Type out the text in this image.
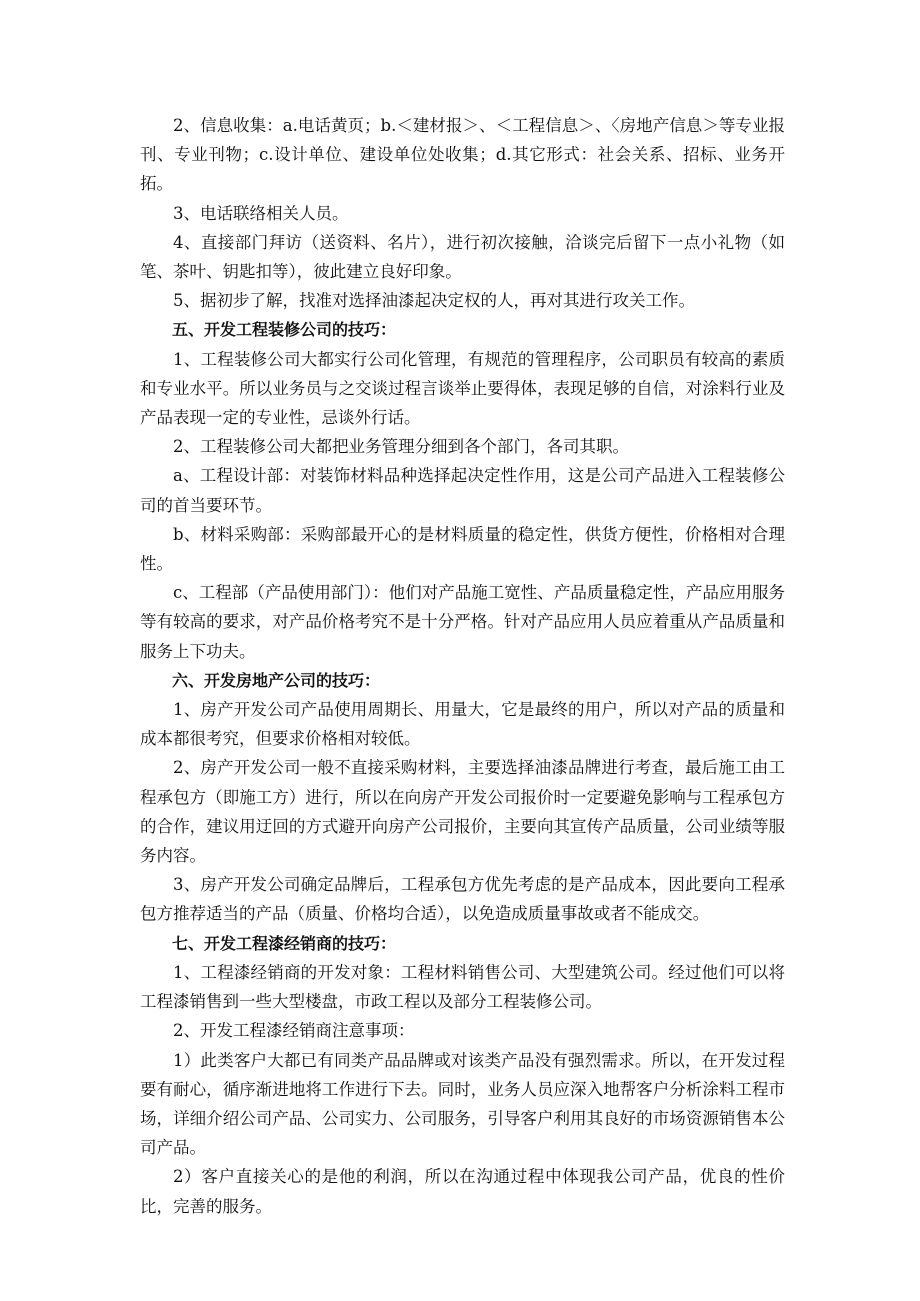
2、信息收集：a.电话黄页；b.＜建材报＞、＜工程信息＞、〈房地产信息＞等专业报刊、专业刊物；c.设计单位、建设单位处收集；d.其它形式：社会关系、招标、业务开拓。

3、电话联络相关人员。

4、直接部门拜访（送资料、名片），进行初次接触，洽谈完后留下一点小礼物（如笔、茶叶、钥匙扣等），彼此建立良好印象。

5、据初步了解，找准对选择油漆起决定权的人，再对其进行攻关工作。

五、开发工程装修公司的技巧：

1、工程装修公司大都实行公司化管理，有规范的管理程序，公司职员有较高的素质和专业水平。所以业务员与之交谈过程言谈举止要得体，表现足够的自信，对涂料行业及产品表现一定的专业性，忌谈外行话。

2、工程装修公司大都把业务管理分细到各个部门，各司其职。

a、工程设计部：对装饰材料品种选择起决定性作用，这是公司产品进入工程装修公司的首当要环节。

b、材料采购部：采购部最开心的是材料质量的稳定性，供货方便性，价格相对合理性。

c、工程部（产品使用部门）：他们对产品施工宽性、产品质量稳定性，产品应用服务等有较高的要求，对产品价格考究不是十分严格。针对产品应用人员应着重从产品质量和服务上下功夫。

六、开发房地产公司的技巧：

1、房产开发公司产品使用周期长、用量大，它是最终的用户，所以对产品的质量和成本都很考究，但要求价格相对较低。

2、房产开发公司一般不直接采购材料，主要选择油漆品牌进行考查，最后施工由工程承包方（即施工方）进行，所以在向房产开发公司报价时一定要避免影响与工程承包方的合作，建议用迂回的方式避开向房产公司报价，主要向其宣传产品质量，公司业绩等服务内容。

3、房产开发公司确定品牌后，工程承包方优先考虑的是产品成本，因此要向工程承包方推荐适当的产品（质量、价格均合适），以免造成质量事故或者不能成交。

七、开发工程漆经销商的技巧：

1、工程漆经销商的开发对象：工程材料销售公司、大型建筑公司。经过他们可以将工程漆销售到一些大型楼盘，市政工程以及部分工程装修公司。

2、开发工程漆经销商注意事项：

1）此类客户大都已有同类产品品牌或对该类产品没有强烈需求。所以，在开发过程要有耐心，循序渐进地将工作进行下去。同时，业务人员应深入地帮客户分析涂料工程市场，详细介绍公司产品、公司实力、公司服务，引导客户利用其良好的市场资源销售本公司产品。

2）客户直接关心的是他的利润，所以在沟通过程中体现我公司产品，优良的性价比，完善的服务。
